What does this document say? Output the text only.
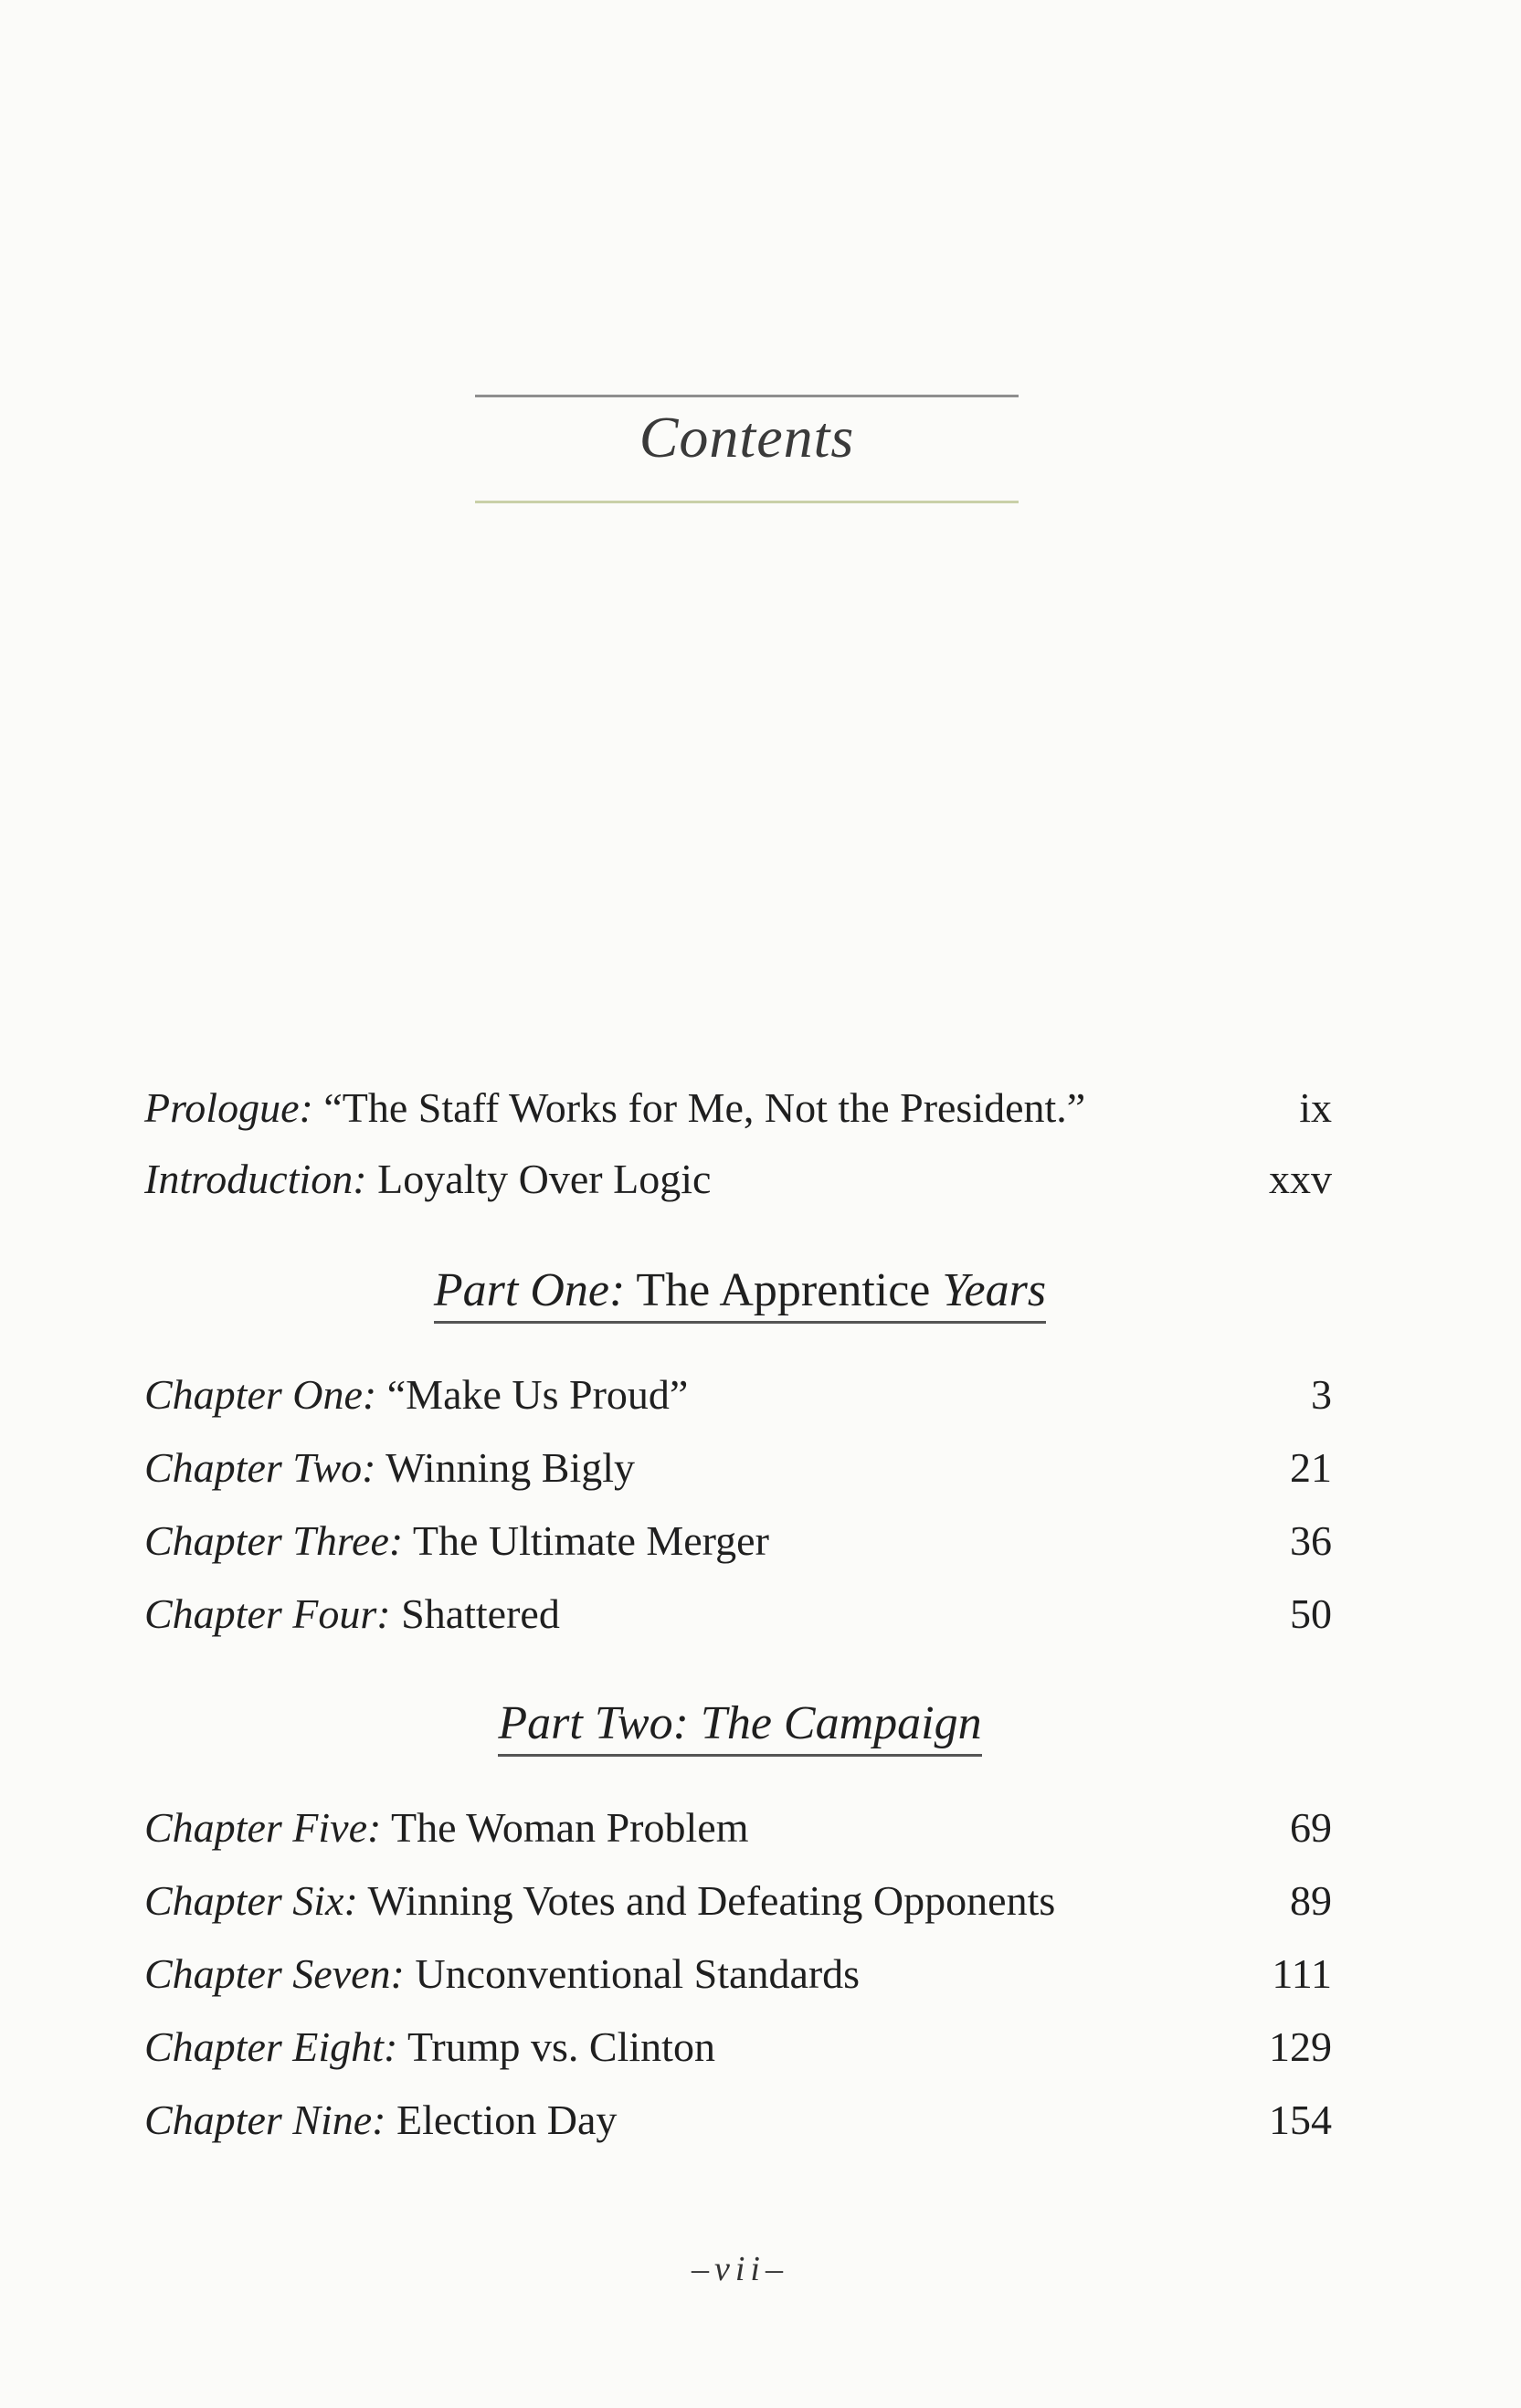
Contents
Prologue: “The Staff Works for Me, Not the President.”	ix
Introduction: Loyalty Over Logic	xxv
Part One: The Apprentice Years
Chapter One: “Make Us Proud”	3
Chapter Two: Winning Bigly	21
Chapter Three: The Ultimate Merger	36
Chapter Four: Shattered	50
Part Two: The Campaign
Chapter Five: The Woman Problem	69
Chapter Six: Winning Votes and Defeating Opponents	89
Chapter Seven: Unconventional Standards	111
Chapter Eight: Trump vs. Clinton	129
Chapter Nine: Election Day	154
–vii–
